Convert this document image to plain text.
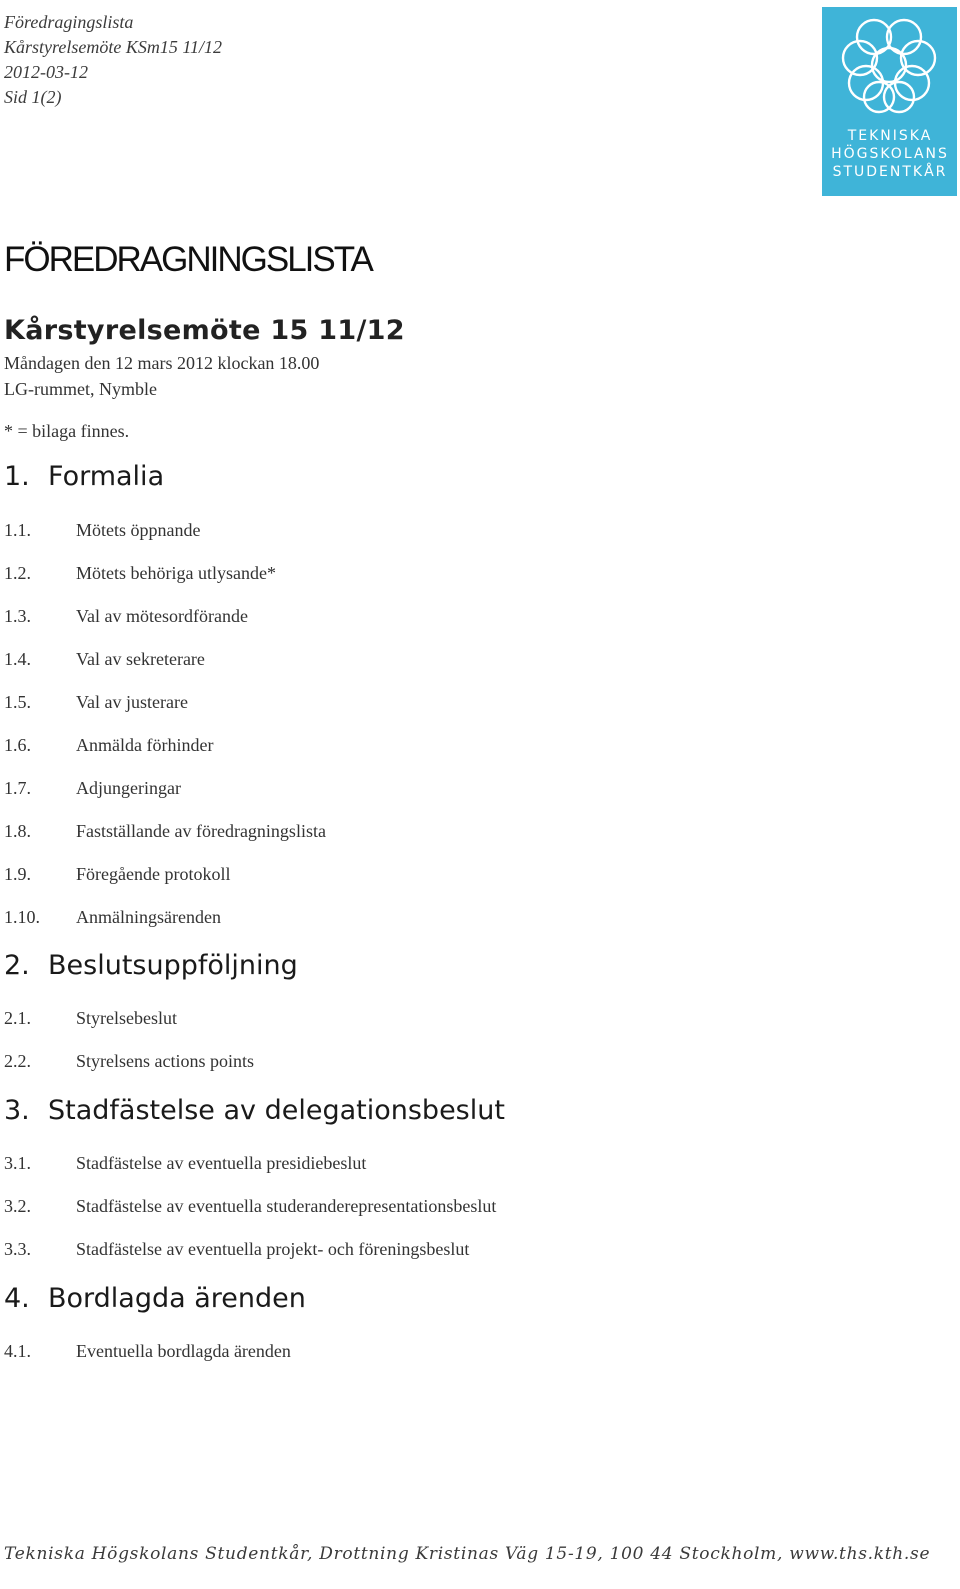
Föredragingslista
Kårstyrelsemöte KSm15 11/12
2012-03-12
Sid 1(2)
TEKNISKA
HÖGSKOLANS
STUDENTKÅR
FÖREDRAGNINGSLISTA
Kårstyrelsemöte 15 11/12
Måndagen den 12 mars 2012 klockan 18.00
LG-rummet, Nymble
* = bilaga finnes.
1. Formalia
1.1.	Mötets öppnande
1.2.	Mötets behöriga utlysande*
1.3.	Val av mötesordförande
1.4.	Val av sekreterare
1.5.	Val av justerare
1.6.	Anmälda förhinder
1.7.	Adjungeringar
1.8.	Fastställande av föredragningslista
1.9.	Föregående protokoll
1.10. Anmälningsärenden
2. Beslutsuppföljning
2.1.	Styrelsebeslut
2.2.	Styrelsens actions points
3. Stadfästelse av delegationsbeslut
3.1.	Stadfästelse av eventuella presidiebeslut
3.2.	Stadfästelse av eventuella studeranderepresentationsbeslut
3.3.	Stadfästelse av eventuella projekt- och föreningsbeslut
4. Bordlagda ärenden
4.1.	Eventuella bordlagda ärenden
Tekniska Högskolans Studentkår, Drottning Kristinas Väg 15-19, 100 44 Stockholm, www.ths.kth.se
